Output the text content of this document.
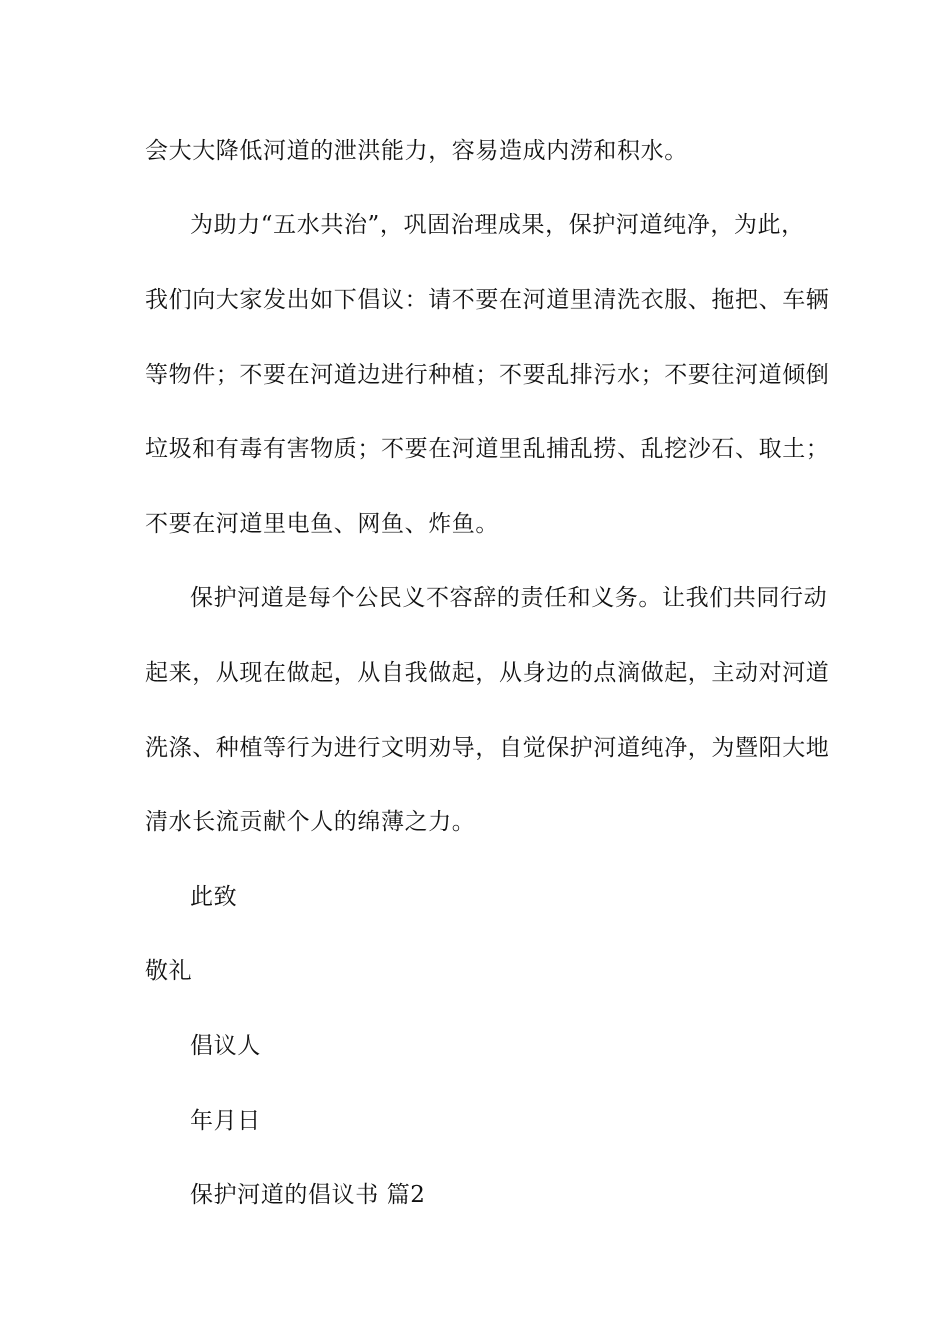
会大大降低河道的泄洪能力，容易造成内涝和积水。
为助力“五水共治”，巩固治理成果，保护河道纯净，为此，
我们向大家发出如下倡议：请不要在河道里清洗衣服、拖把、车辆
等物件；不要在河道边进行种植；不要乱排污水；不要往河道倾倒
垃圾和有毒有害物质；不要在河道里乱捕乱捞、乱挖沙石、取土；
不要在河道里电鱼、网鱼、炸鱼。
保护河道是每个公民义不容辞的责任和义务。让我们共同行动
起来，从现在做起，从自我做起，从身边的点滴做起，主动对河道
洗涤、种植等行为进行文明劝导，自觉保护河道纯净，为暨阳大地
清水长流贡献个人的绵薄之力。
此致
敬礼
倡议人
年月日
保护河道的倡议书 篇2
